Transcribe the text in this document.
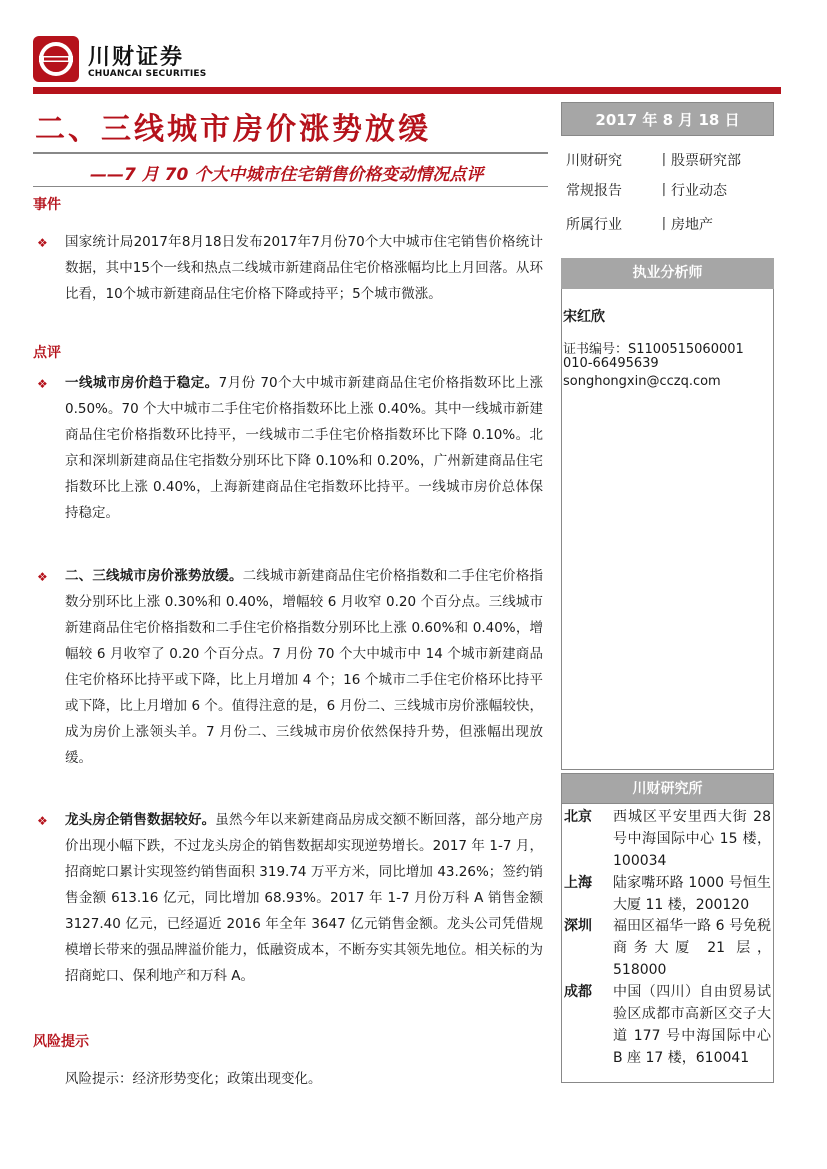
川财证券
CHUANCAI SECURITIES
二、三线城市房价涨势放缓
——7 月 70 个大中城市住宅销售价格变动情况点评
事件
❖ 国家统计局2017年8月18日发布2017年7月份70个大中城市住宅销售价格统计数据，其中15个一线和热点二线城市新建商品住宅价格涨幅均比上月回落。从环比看，10个城市新建商品住宅价格下降或持平；5个城市微涨。
点评
❖ 一线城市房价趋于稳定。7月份 70个大中城市新建商品住宅价格指数环比上涨 0.50%。70 个大中城市二手住宅价格指数环比上涨 0.40%。其中一线城市新建商品住宅价格指数环比持平，一线城市二手住宅价格指数环比下降 0.10%。北京和深圳新建商品住宅指数分别环比下降 0.10%和 0.20%，广州新建商品住宅指数环比上涨 0.40%，上海新建商品住宅指数环比持平。一线城市房价总体保持稳定。
❖ 二、三线城市房价涨势放缓。二线城市新建商品住宅价格指数和二手住宅价格指数分别环比上涨 0.30%和 0.40%，增幅较 6 月收窄 0.20 个百分点。三线城市新建商品住宅价格指数和二手住宅价格指数分别环比上涨 0.60%和 0.40%，增幅较 6 月收窄了 0.20 个百分点。7 月份 70 个大中城市中 14 个城市新建商品住宅价格环比持平或下降，比上月增加 4 个；16 个城市二手住宅价格环比持平或下降，比上月增加 6 个。值得注意的是，6 月份二、三线城市房价涨幅较快，成为房价上涨领头羊。7 月份二、三线城市房价依然保持升势，但涨幅出现放缓。
❖ 龙头房企销售数据较好。虽然今年以来新建商品房成交额不断回落，部分地产房价出现小幅下跌，不过龙头房企的销售数据却实现逆势增长。2017 年 1-7 月，招商蛇口累计实现签约销售面积 319.74 万平方米，同比增加 43.26%；签约销售金额 613.16 亿元，同比增加 68.93%。2017 年 1-7 月份万科 A 销售金额 3127.40 亿元，已经逼近 2016 年全年 3647 亿元销售金额。龙头公司凭借规模增长带来的强品牌溢价能力，低融资成本，不断夯实其领先地位。相关标的为招商蛇口、保利地产和万科 A。
风险提示
风险提示：经济形势变化；政策出现变化。
2017 年 8 月 18 日
川财研究	丨股票研究部
常规报告	丨行业动态
所属行业	丨房地产
执业分析师
宋红欣
证书编号：S1100515060001
010-66495639
songhongxin@cczq.com
川财研究所
北京 西城区平安里西大街 28 号中海国际中心 15 楼，100034
上海 陆家嘴环路 1000 号恒生大厦 11 楼，200120
深圳 福田区福华一路 6 号免税商务大厦 21 层，518000
成都 中国（四川）自由贸易试验区成都市高新区交子大道 177 号中海国际中心 B 座 17 楼，610041
